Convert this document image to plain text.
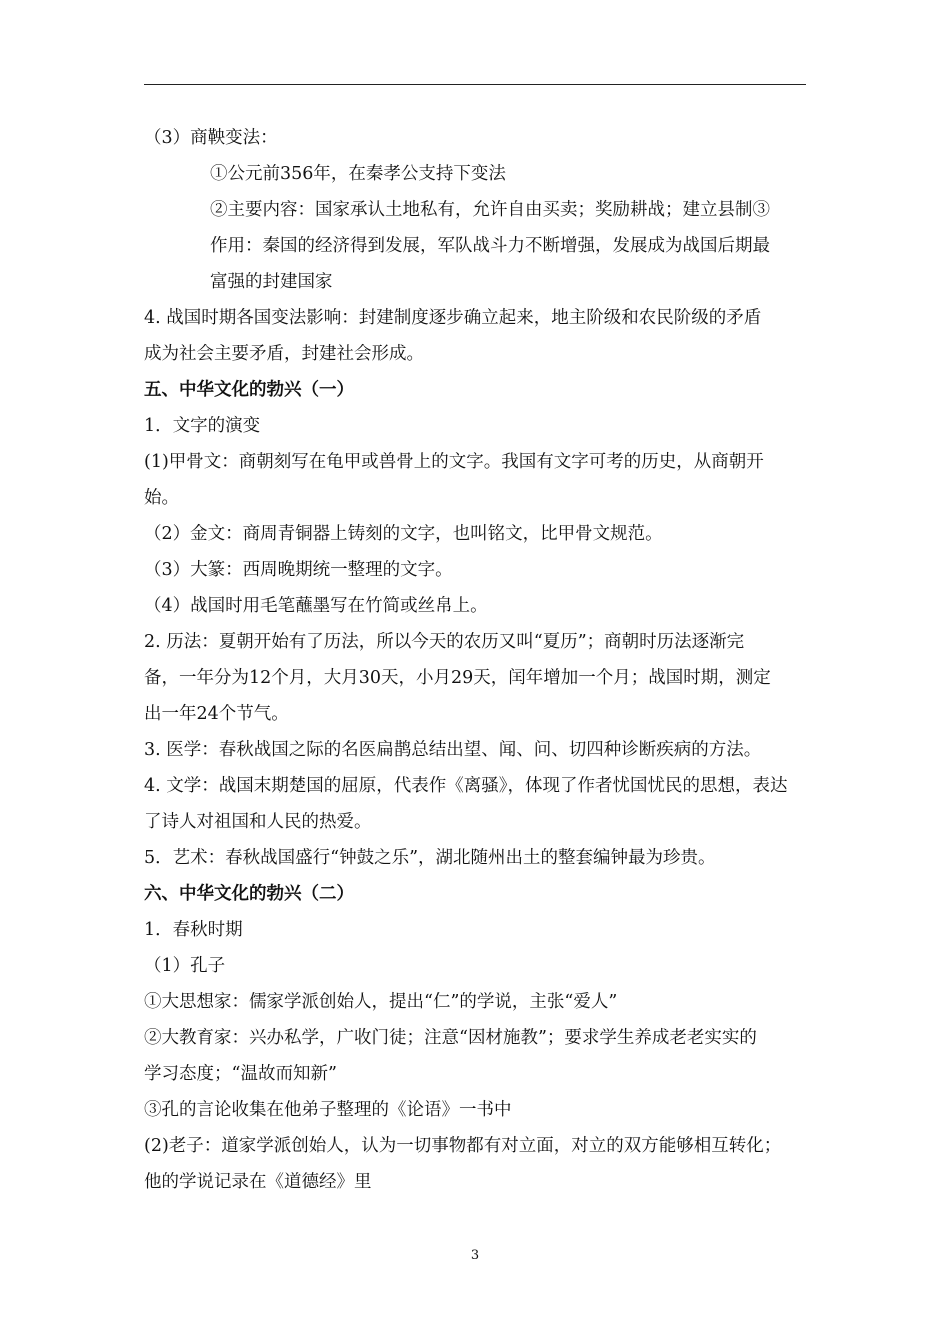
（3）商鞅变法：
①公元前356年，在秦孝公支持下变法
②主要内容：国家承认土地私有，允许自由买卖；奖励耕战；建立县制③
作用：秦国的经济得到发展，军队战斗力不断增强，发展成为战国后期最
富强的封建国家
4. 战国时期各国变法影响：封建制度逐步确立起来，地主阶级和农民阶级的矛盾
成为社会主要矛盾，封建社会形成。
五、中华文化的勃兴（一）
1．文字的演变
(1)甲骨文：商朝刻写在龟甲或兽骨上的文字。我国有文字可考的历史，从商朝开
始。
（2）金文：商周青铜器上铸刻的文字，也叫铭文，比甲骨文规范。
（3）大篆：西周晚期统一整理的文字。
（4）战国时用毛笔蘸墨写在竹简或丝帛上。
2. 历法：夏朝开始有了历法，所以今天的农历又叫“夏历”；商朝时历法逐渐完
备，一年分为12个月，大月30天，小月29天，闰年增加一个月；战国时期，测定
出一年24个节气。
3. 医学：春秋战国之际的名医扁鹊总结出望、闻、问、切四种诊断疾病的方法。
4. 文学：战国末期楚国的屈原，代表作《离骚》，体现了作者忧国忧民的思想，表达
了诗人对祖国和人民的热爱。
5．艺术：春秋战国盛行“钟鼓之乐”，湖北随州出土的整套编钟最为珍贵。
六、中华文化的勃兴（二）
1．春秋时期
（1）孔子
①大思想家：儒家学派创始人，提出“仁”的学说，主张“爱人”
②大教育家：兴办私学，广收门徒；注意“因材施教”；要求学生养成老老实实的
学习态度；“温故而知新”
③孔的言论收集在他弟子整理的《论语》一书中
(2)老子：道家学派创始人，认为一切事物都有对立面，对立的双方能够相互转化；
他的学说记录在《道德经》里
3
